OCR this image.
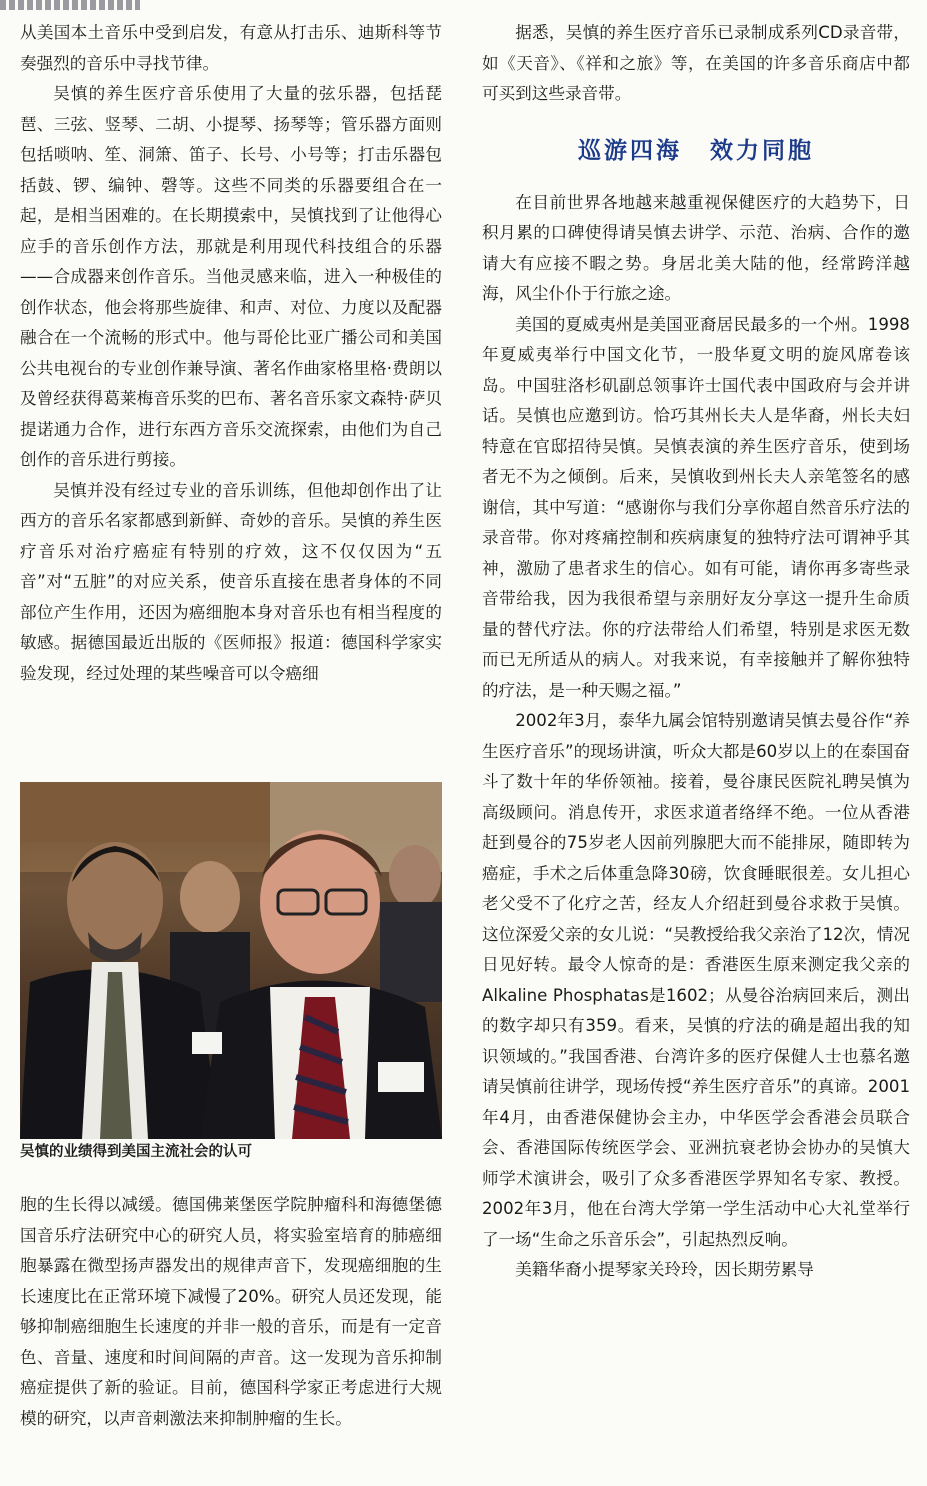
从美国本土音乐中受到启发，有意从打击乐、迪斯科等节奏强烈的音乐中寻找节律。

吴慎的养生医疗音乐使用了大量的弦乐器，包括琵琶、三弦、竖琴、二胡、小提琴、扬琴等；管乐器方面则包括唢呐、笙、洞箫、笛子、长号、小号等；打击乐器包括鼓、锣、编钟、磬等。这些不同类的乐器要组合在一起，是相当困难的。在长期摸索中，吴慎找到了让他得心应手的音乐创作方法，那就是利用现代科技组合的乐器——合成器来创作音乐。当他灵感来临，进入一种极佳的创作状态，他会将那些旋律、和声、对位、力度以及配器融合在一个流畅的形式中。他与哥伦比亚广播公司和美国公共电视台的专业创作兼导演、著名作曲家格里格·费朗以及曾经获得葛莱梅音乐奖的巴布、著名音乐家文森特·萨贝提诺通力合作，进行东西方音乐交流探索，由他们为自己创作的音乐进行剪接。

吴慎并没有经过专业的音乐训练，但他却创作出了让西方的音乐名家都感到新鲜、奇妙的音乐。吴慎的养生医疗音乐对治疗癌症有特别的疗效，这不仅仅因为“五音”对“五脏”的对应关系，使音乐直接在患者身体的不同部位产生作用，还因为癌细胞本身对音乐也有相当程度的敏感。据德国最近出版的《医师报》报道：德国科学家实验发现，经过处理的某些噪音可以令癌细

吴慎的业绩得到美国主流社会的认可

胞的生长得以减缓。德国佛莱堡医学院肿瘤科和海德堡德国音乐疗法研究中心的研究人员，将实验室培育的肺癌细胞暴露在微型扬声器发出的规律声音下，发现癌细胞的生长速度比在正常环境下减慢了20%。研究人员还发现，能够抑制癌细胞生长速度的并非一般的音乐，而是有一定音色、音量、速度和时间间隔的声音。这一发现为音乐抑制癌症提供了新的验证。目前，德国科学家正考虑进行大规模的研究，以声音刺激法来抑制肿瘤的生长。

据悉，吴慎的养生医疗音乐已录制成系列CD录音带，如《天音》、《祥和之旅》等，在美国的许多音乐商店中都可买到这些录音带。

巡游四海 效力同胞

在目前世界各地越来越重视保健医疗的大趋势下，日积月累的口碑使得请吴慎去讲学、示范、治病、合作的邀请大有应接不暇之势。身居北美大陆的他，经常跨洋越海，风尘仆仆于行旅之途。

美国的夏威夷州是美国亚裔居民最多的一个州。1998年夏威夷举行中国文化节，一股华夏文明的旋风席卷该岛。中国驻洛杉矶副总领事许士国代表中国政府与会并讲话。吴慎也应邀到访。恰巧其州长夫人是华裔，州长夫妇特意在官邸招待吴慎。吴慎表演的养生医疗音乐，使到场者无不为之倾倒。后来，吴慎收到州长夫人亲笔签名的感谢信，其中写道：“感谢你与我们分享你超自然音乐疗法的录音带。你对疼痛控制和疾病康复的独特疗法可谓神乎其神，激励了患者求生的信心。如有可能，请你再多寄些录音带给我，因为我很希望与亲朋好友分享这一提升生命质量的替代疗法。你的疗法带给人们希望，特别是求医无数而已无所适从的病人。对我来说，有幸接触并了解你独特的疗法，是一种天赐之福。”

2002年3月，泰华九属会馆特别邀请吴慎去曼谷作“养生医疗音乐”的现场讲演，听众大都是60岁以上的在泰国奋斗了数十年的华侨领袖。接着，曼谷康民医院礼聘吴慎为高级顾问。消息传开，求医求道者络绎不绝。一位从香港赶到曼谷的75岁老人因前列腺肥大而不能排尿，随即转为癌症，手术之后体重急降30磅，饮食睡眠很差。女儿担心老父受不了化疗之苦，经友人介绍赶到曼谷求救于吴慎。这位深爱父亲的女儿说：“吴教授给我父亲治了12次，情况日见好转。最令人惊奇的是：香港医生原来测定我父亲的Alkaline Phosphatas是1602；从曼谷治病回来后，测出的数字却只有359。看来，吴慎的疗法的确是超出我的知识领域的。”我国香港、台湾许多的医疗保健人士也慕名邀请吴慎前往讲学，现场传授“养生医疗音乐”的真谛。2001年4月，由香港保健协会主办，中华医学会香港会员联合会、香港国际传统医学会、亚洲抗衰老协会协办的吴慎大师学术演讲会，吸引了众多香港医学界知名专家、教授。2002年3月，他在台湾大学第一学生活动中心大礼堂举行了一场“生命之乐音乐会”，引起热烈反响。

美籍华裔小提琴家关玲玲，因长期劳累导
